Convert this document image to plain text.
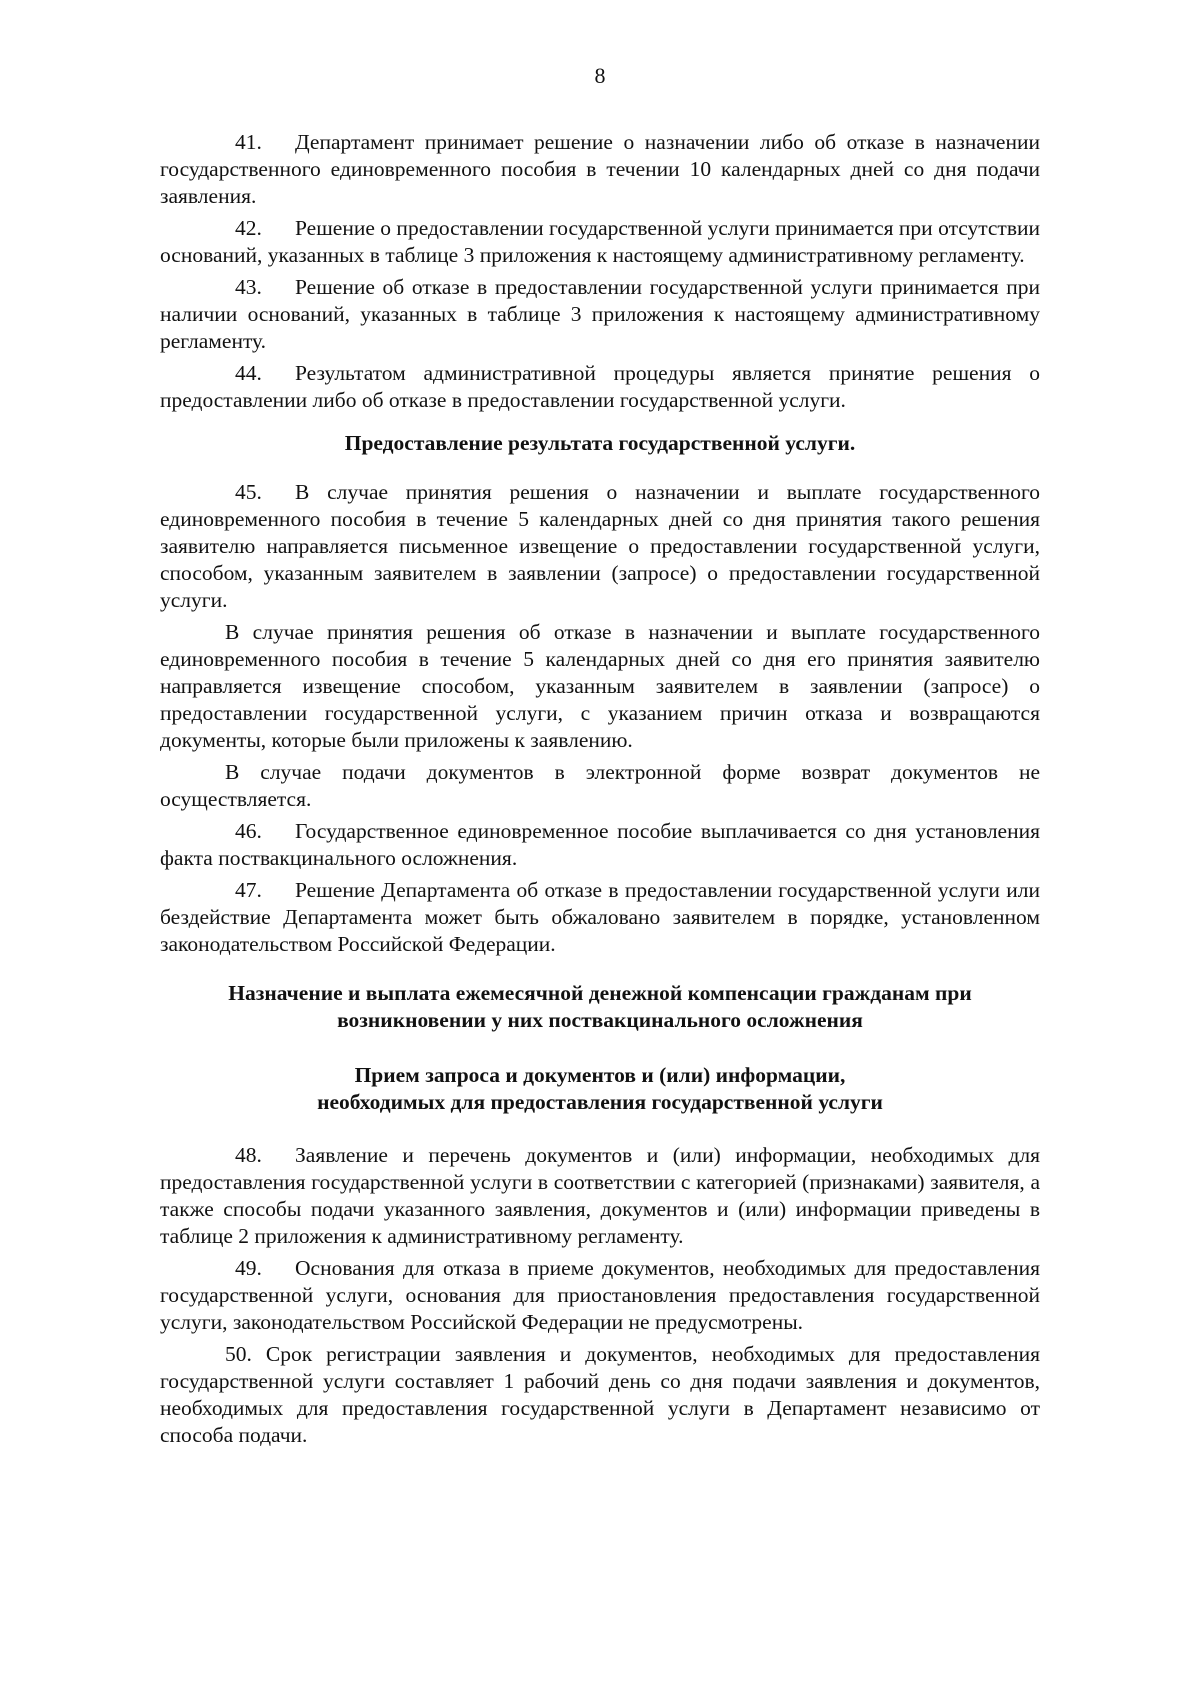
8

41. Департамент принимает решение о назначении либо об отказе в назначении государственного единовременного пособия в течении 10 календарных дней со дня подачи заявления.

42. Решение о предоставлении государственной услуги принимается при отсутствии оснований, указанных в таблице 3 приложения к настоящему административному регламенту.

43. Решение об отказе в предоставлении государственной услуги принимается при наличии оснований, указанных в таблице 3 приложения к настоящему административному регламенту.

44. Результатом административной процедуры является принятие решения о предоставлении либо об отказе в предоставлении государственной услуги.

Предоставление результата государственной услуги.

45. В случае принятия решения о назначении и выплате государственного единовременного пособия в течение 5 календарных дней со дня принятия такого решения заявителю направляется письменное извещение о предоставлении государственной услуги, способом, указанным заявителем в заявлении (запросе) о предоставлении государственной услуги.

В случае принятия решения об отказе в назначении и выплате государственного единовременного пособия в течение 5 календарных дней со дня его принятия заявителю направляется извещение способом, указанным заявителем в заявлении (запросе) о предоставлении государственной услуги, с указанием причин отказа и возвращаются документы, которые были приложены к заявлению.

В случае подачи документов в электронной форме возврат документов не осуществляется.

46. Государственное единовременное пособие выплачивается со дня установления факта поствакцинального осложнения.

47. Решение Департамента об отказе в предоставлении государственной услуги или бездействие Департамента может быть обжаловано заявителем в порядке, установленном законодательством Российской Федерации.

Назначение и выплата ежемесячной денежной компенсации гражданам при
возникновении у них поствакцинального осложнения
Прием запроса и документов и (или) информации,
необходимых для предоставления государственной услуги

48. Заявление и перечень документов и (или) информации, необходимых для предоставления государственной услуги в соответствии с категорией (признаками) заявителя, а также способы подачи указанного заявления, документов и (или) информации приведены в таблице 2 приложения к административному регламенту.

49. Основания для отказа в приеме документов, необходимых для предоставления государственной услуги, основания для приостановления предоставления государственной услуги, законодательством Российской Федерации не предусмотрены.

50. Срок регистрации заявления и документов, необходимых для предоставления государственной услуги составляет 1 рабочий день со дня подачи заявления и документов, необходимых для предоставления государственной услуги в Департамент независимо от способа подачи.
